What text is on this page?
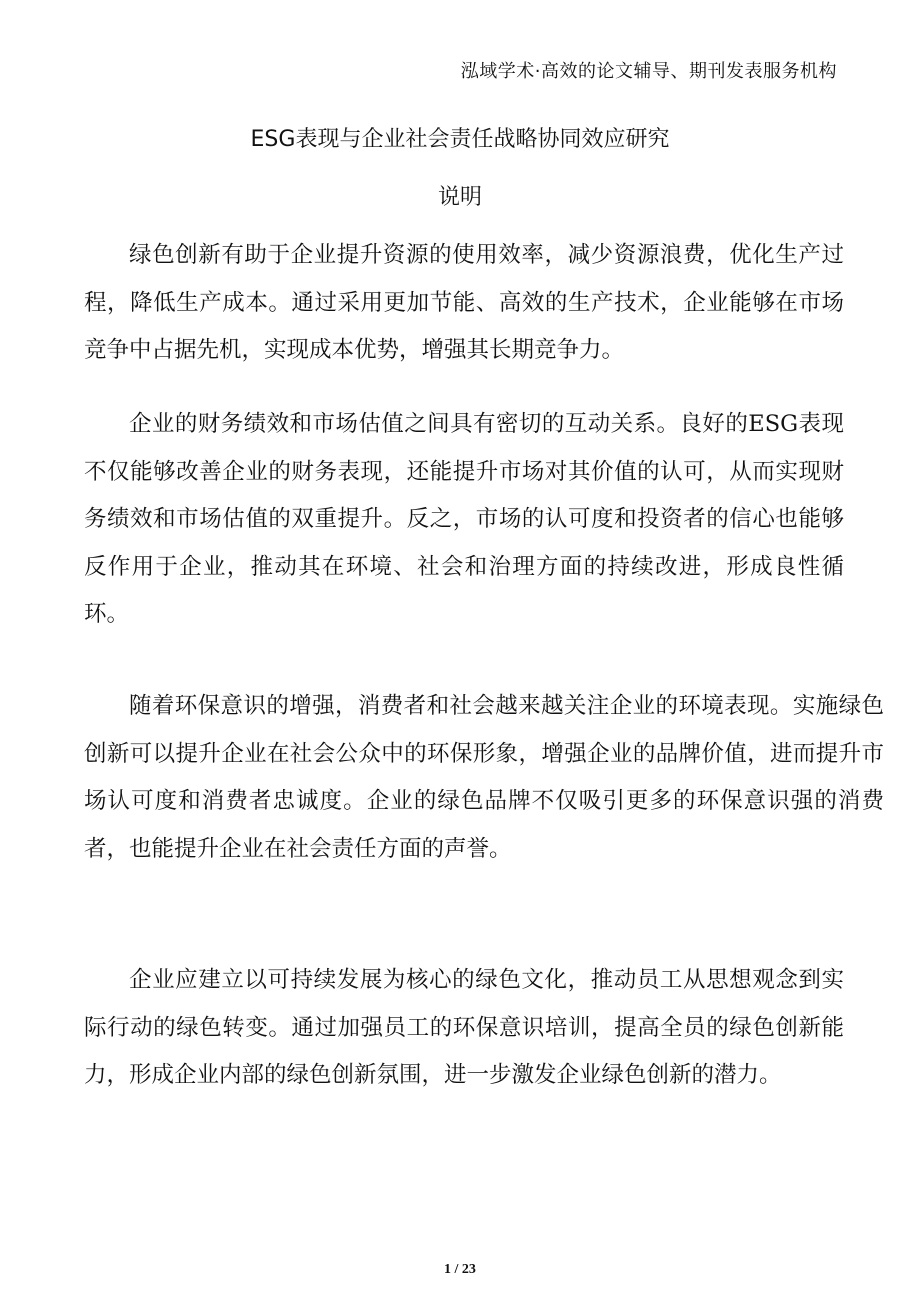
泓域学术·高效的论文辅导、期刊发表服务机构
ESG表现与企业社会责任战略协同效应研究
说明

绿色创新有助于企业提升资源的使用效率，减少资源浪费，优化生产过程，降低生产成本。通过采用更加节能、高效的生产技术，企业能够在市场竞争中占据先机，实现成本优势，增强其长期竞争力。

企业的财务绩效和市场估值之间具有密切的互动关系。良好的ESG表现不仅能够改善企业的财务表现，还能提升市场对其价值的认可，从而实现财务绩效和市场估值的双重提升。反之，市场的认可度和投资者的信心也能够反作用于企业，推动其在环境、社会和治理方面的持续改进，形成良性循环。

随着环保意识的增强，消费者和社会越来越关注企业的环境表现。实施绿色创新可以提升企业在社会公众中的环保形象，增强企业的品牌价值，进而提升市场认可度和消费者忠诚度。企业的绿色品牌不仅吸引更多的环保意识强的消费者，也能提升企业在社会责任方面的声誉。

企业应建立以可持续发展为核心的绿色文化，推动员工从思想观念到实际行动的绿色转变。通过加强员工的环保意识培训，提高全员的绿色创新能力，形成企业内部的绿色创新氛围，进一步激发企业绿色创新的潜力。

1 / 23
